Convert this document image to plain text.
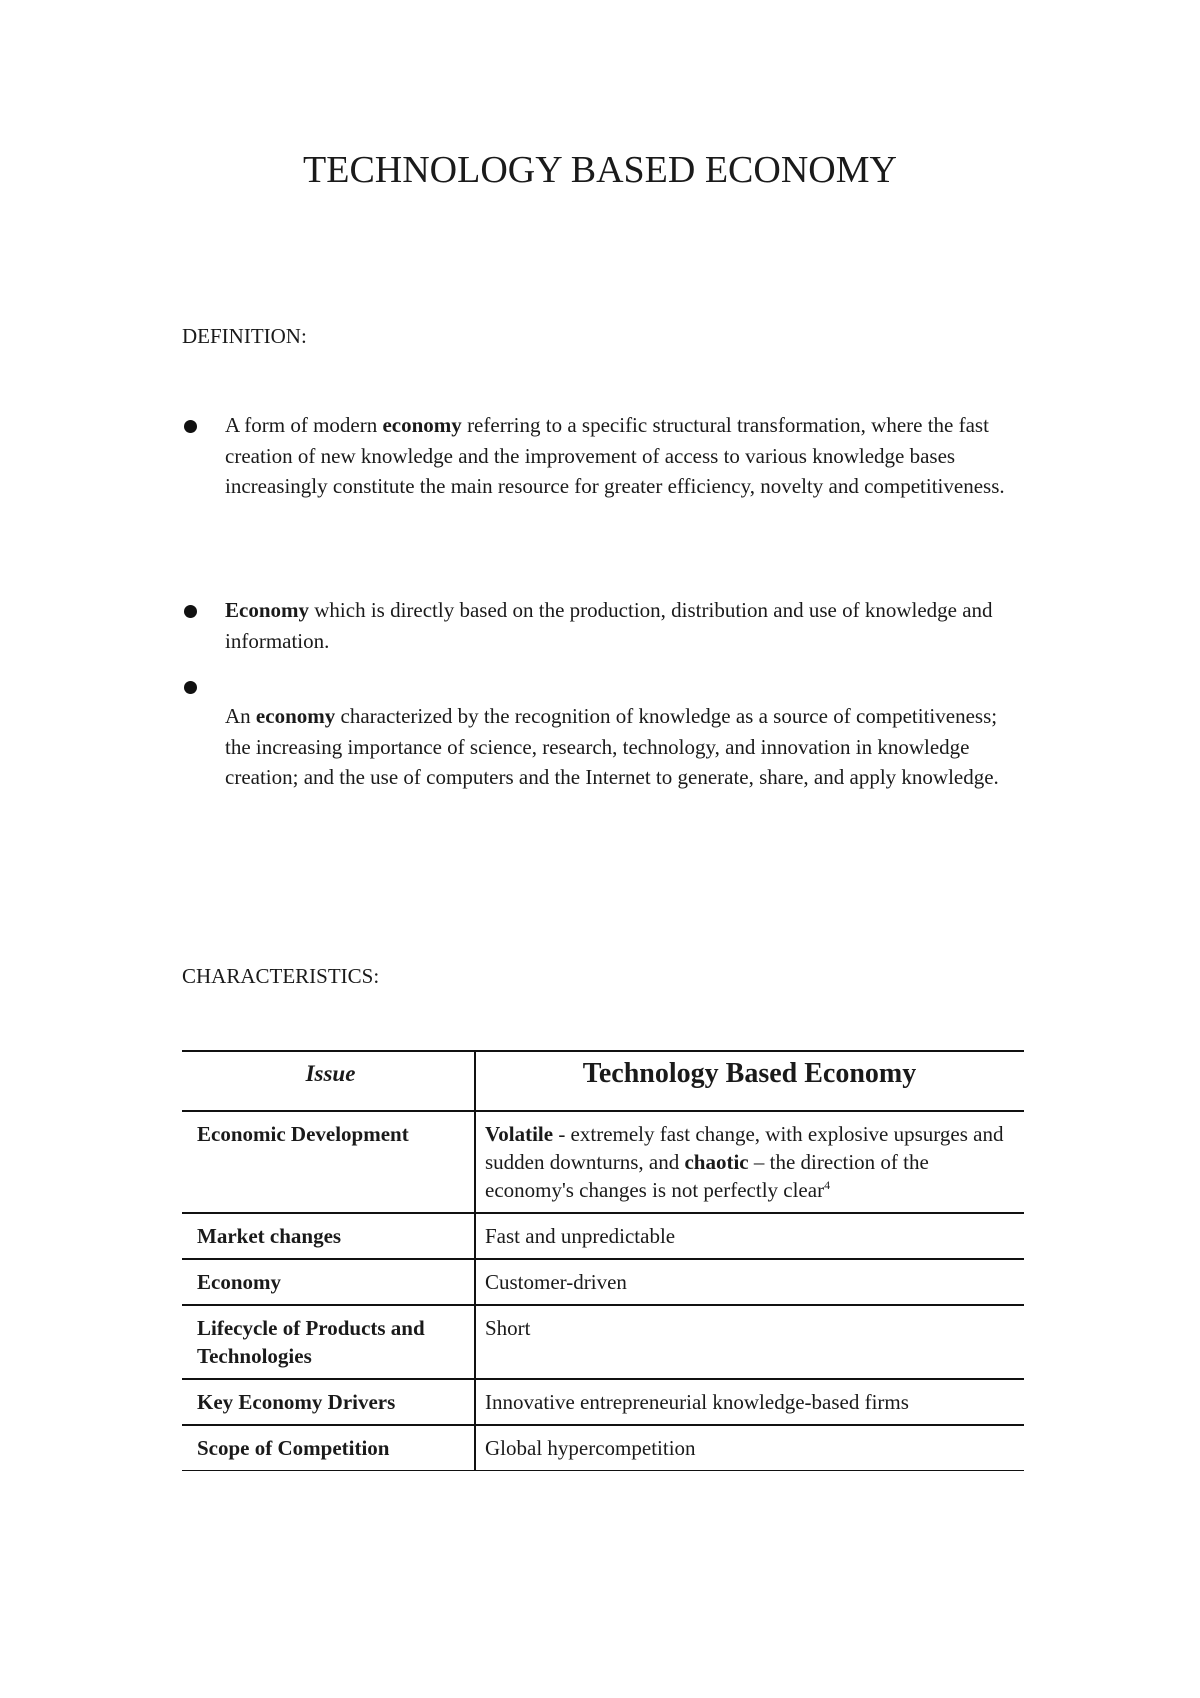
TECHNOLOGY BASED ECONOMY

DEFINITION:

A form of modern economy referring to a specific structural transformation, where the fast creation of new knowledge and the improvement of access to various knowledge bases increasingly constitute the main resource for greater efficiency, novelty and competitiveness.

Economy which is directly based on the production, distribution and use of knowledge and information.

An economy characterized by the recognition of knowledge as a source of competitiveness; the increasing importance of science, research, technology, and innovation in knowledge creation; and the use of computers and the Internet to generate, share, and apply knowledge.

CHARACTERISTICS:

Issue	Technology Based Economy
Economic Development	Volatile - extremely fast change, with explosive upsurges and sudden downturns, and chaotic – the direction of the economy's changes is not perfectly clear$^4$
Market changes	Fast and unpredictable
Economy	Customer-driven
Lifecycle of Products and Technologies	Short
Key Economy Drivers	Innovative entrepreneurial knowledge-based firms
Scope of Competition	Global hypercompetition
